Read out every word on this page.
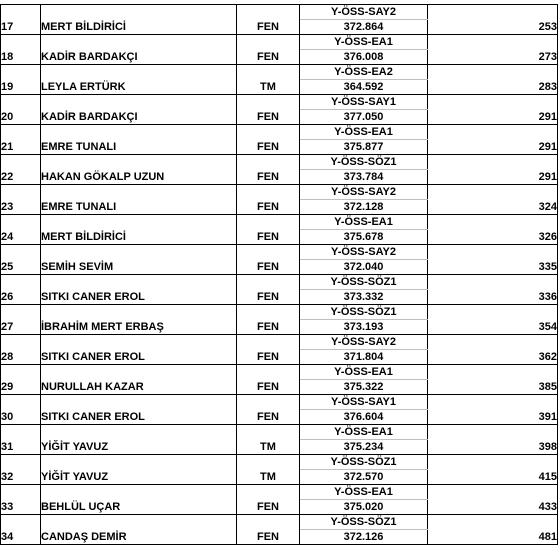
17	MERT BİLDİRİCİ	FEN	Y-ÖSS-SAY2	253
			372.864	
18	KADİR BARDAKÇI	FEN	Y-ÖSS-EA1	273
			376.008	
19	LEYLA ERTÜRK	TM	Y-ÖSS-EA2	283
			364.592	
20	KADİR BARDAKÇI	FEN	Y-ÖSS-SAY1	291
			377.050	
21	EMRE TUNALI	FEN	Y-ÖSS-EA1	291
			375.877	
22	HAKAN GÖKALP UZUN	FEN	Y-ÖSS-SÖZ1	291
			373.784	
23	EMRE TUNALI	FEN	Y-ÖSS-SAY2	324
			372.128	
24	MERT BİLDİRİCİ	FEN	Y-ÖSS-EA1	326
			375.678	
25	SEMİH SEVİM	FEN	Y-ÖSS-SAY2	335
			372.040	
26	SITKI CANER EROL	FEN	Y-ÖSS-SÖZ1	336
			373.332	
27	İBRAHİM MERT ERBAŞ	FEN	Y-ÖSS-SÖZ1	354
			373.193	
28	SITKI CANER EROL	FEN	Y-ÖSS-SAY2	362
			371.804	
29	NURULLAH KAZAR	FEN	Y-ÖSS-EA1	385
			375.322	
30	SITKI CANER EROL	FEN	Y-ÖSS-SAY1	391
			376.604	
31	YİĞİT YAVUZ	TM	Y-ÖSS-EA1	398
			375.234	
32	YİĞİT YAVUZ	TM	Y-ÖSS-SÖZ1	415
			372.570	
33	BEHLÜL UÇAR	FEN	Y-ÖSS-EA1	433
			375.020	
34	CANDAŞ DEMİR	FEN	Y-ÖSS-SÖZ1	481
			372.126	
